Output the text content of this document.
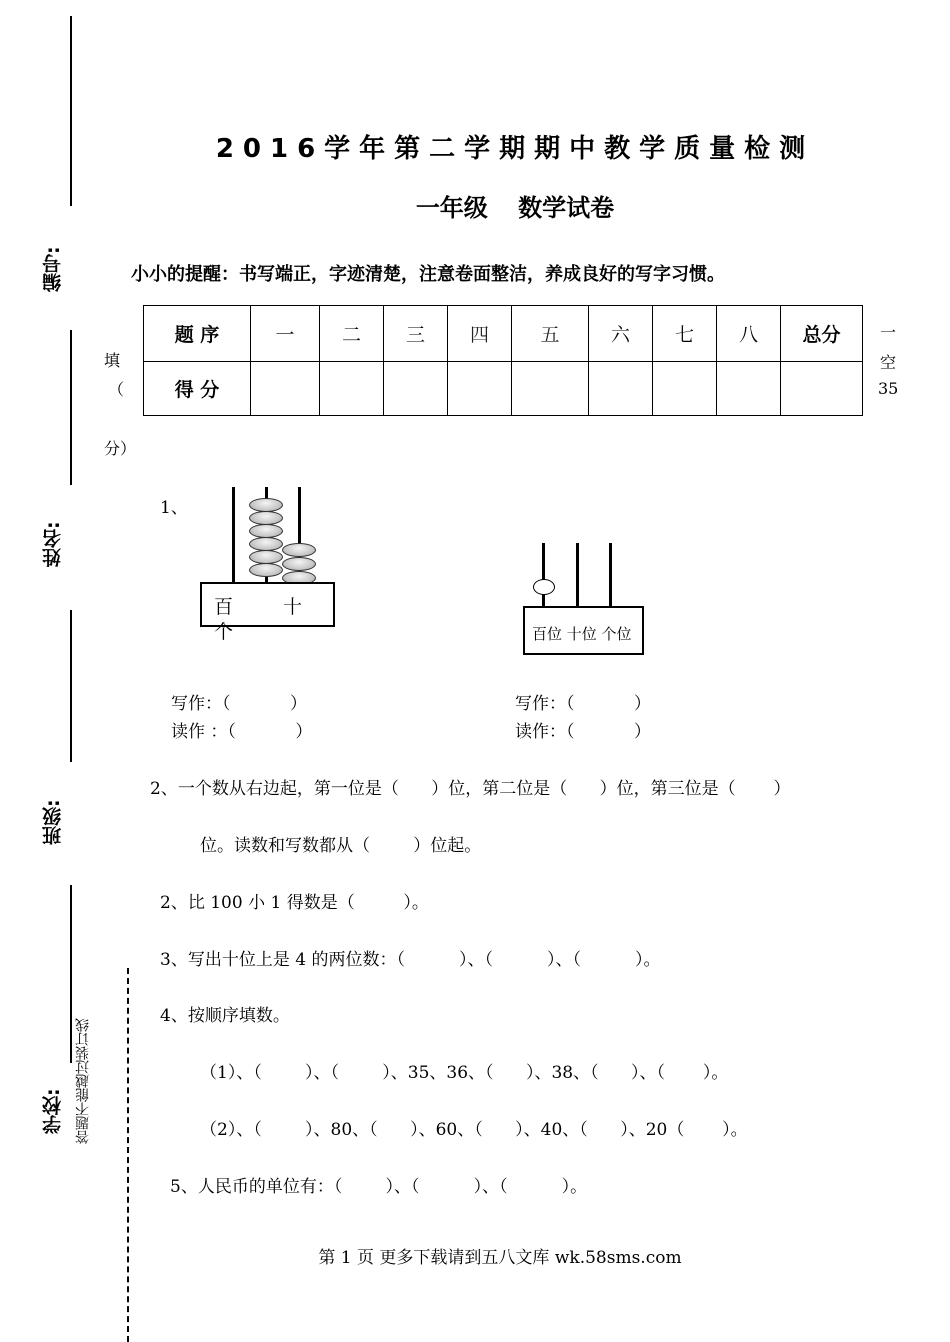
编号:
姓名:
班级:
学校: 答题不能越过装订线
2016学年第二学期期中教学质量检测
一年级 数学试卷
小小的提醒：书写端正，字迹清楚，注意卷面整洁，养成良好的写字习惯。
题 序	一	二	三	四	五	六	七	八	总分
得 分									
填
（
分）
一
空
35
1、
百	十
个	百位 十位 个位
写作：（           ）
读作 ：（           ）
写作：（           ）
读作：（           ）
2、一个数从右边起，第一位是（      ）位，第二位是（      ）位，第三位是（       ）
位。读数和写数都从（        ）位起。
2、比 100 小 1 得数是（         ）。
3、写出十位上是 4 的两位数：（          ）、（          ）、（          ）。
4、按顺序填数。
（1）、（        ）、（        ）、35、36、（      ）、38、（      ）、（       ）。
（2）、（        ）、80、（      ）、60、（      ）、40、（      ）、20（       ）。
5、人民币的单位有：（        ）、（          ）、（          ）。
第 1 页 更多下载请到五八文库 wk.58sms.com
